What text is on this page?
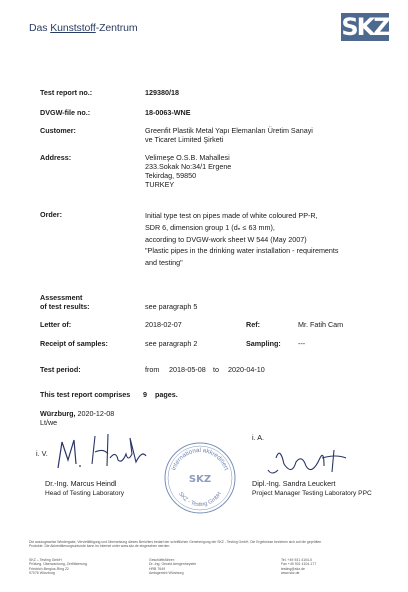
Das Kunststoff-Zentrum	SKZ
Test report no.:	129380/18
DVGW-file no.:	18-0063-WNE
Customer:	Greenfit Plastik Metal Yapı Elemanları Üretim Sanayi
ve Ticaret Limited Şirketi
Address:	Velimeşe O.S.B. Mahallesi
233.Sokak No:34/1 Ergene
Tekirdag, 59850
TURKEY
Order:	Initial type test on pipes made of white coloured PP-R,
SDR 6, dimension group 1 (dₙ ≤ 63 mm),
according to DVGW-work sheet W 544 (May 2007)
"Plastic pipes in the drinking water installation - requirements
and testing"
Assessment
of test results:	see paragraph 5
Letter of:	2018-02-07	Ref:	Mr. Fatih Cam
Receipt of samples:	see paragraph 2	Sampling: ---
Test period:	from 2018-05-08 to 2020-04-10
This test report comprises 9 pages.
Würzburg, 2020-12-08
Lt/we
i. V.
Dr.-Ing. Marcus Heindl
Head of Testing Laboratory
international akkreditiert
SKZ - Testing GmbH
SKZ
i. A.
Dipl.-Ing. Sandra Leuckert
Project Manager Testing Laboratory PPC
Die auszugsweise Wiedergabe, Vervielfältigung und Übersetzung dieses Berichtes bedarf der schriftlichen Genehmigung der SKZ - Testing GmbH. Die Ergebnisse beziehen sich auf die geprüften
Produkte. Die Akkreditierungsurkunde kann im Internet unter www.skz.de eingesehen werden.
SKZ – Testing GmbH
Prüfung, Überwachung, Zertifizierung
Friedrich-Bergius-Ring 22
97076 Würzburg
Geschäftsführer:
Dr.-Ing. Gerald Aengenheyster
HRB 7649
Amtsgericht Würzburg
Tel. +49 931 4104-0
Fax +49 931 4104-177
testing@skz.de
www.skz.de
